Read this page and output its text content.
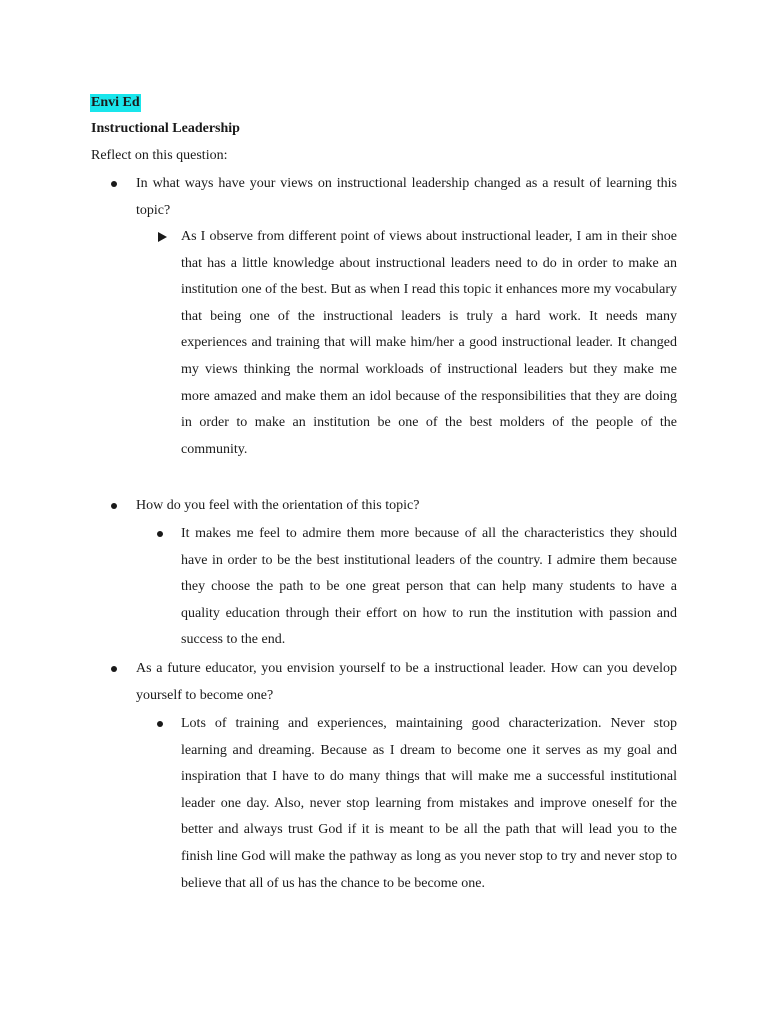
Envi Ed
Instructional Leadership
Reflect on this question:
In what ways have your views on instructional leadership changed as a result of learning this topic?
As I observe from different point of views about instructional leader, I am in their shoe that has a little knowledge about instructional leaders need to do in order to make an institution one of the best. But as when I read this topic it enhances more my vocabulary that being one of the instructional leaders is truly a hard work. It needs many experiences and training that will make him/her a good instructional leader. It changed my views thinking the normal workloads of instructional leaders but they make me more amazed and make them an idol because of the responsibilities that they are doing in order to make an institution be one of the best molders of the people of the community.
How do you feel with the orientation of this topic?
It makes me feel to admire them more because of all the characteristics they should have in order to be the best institutional leaders of the country. I admire them because they choose the path to be one great person that can help many students to have a quality education through their effort on how to run the institution with passion and success to the end.
As a future educator, you envision yourself to be a instructional leader. How can you develop yourself to become one?
Lots of training and experiences, maintaining good characterization. Never stop learning and dreaming. Because as I dream to become one it serves as my goal and inspiration that I have to do many things that will make me a successful institutional leader one day. Also, never stop learning from mistakes and improve oneself for the better and always trust God if it is meant to be all the path that will lead you to the finish line God will make the pathway as long as you never stop to try and never stop to believe that all of us has the chance to be become one.
